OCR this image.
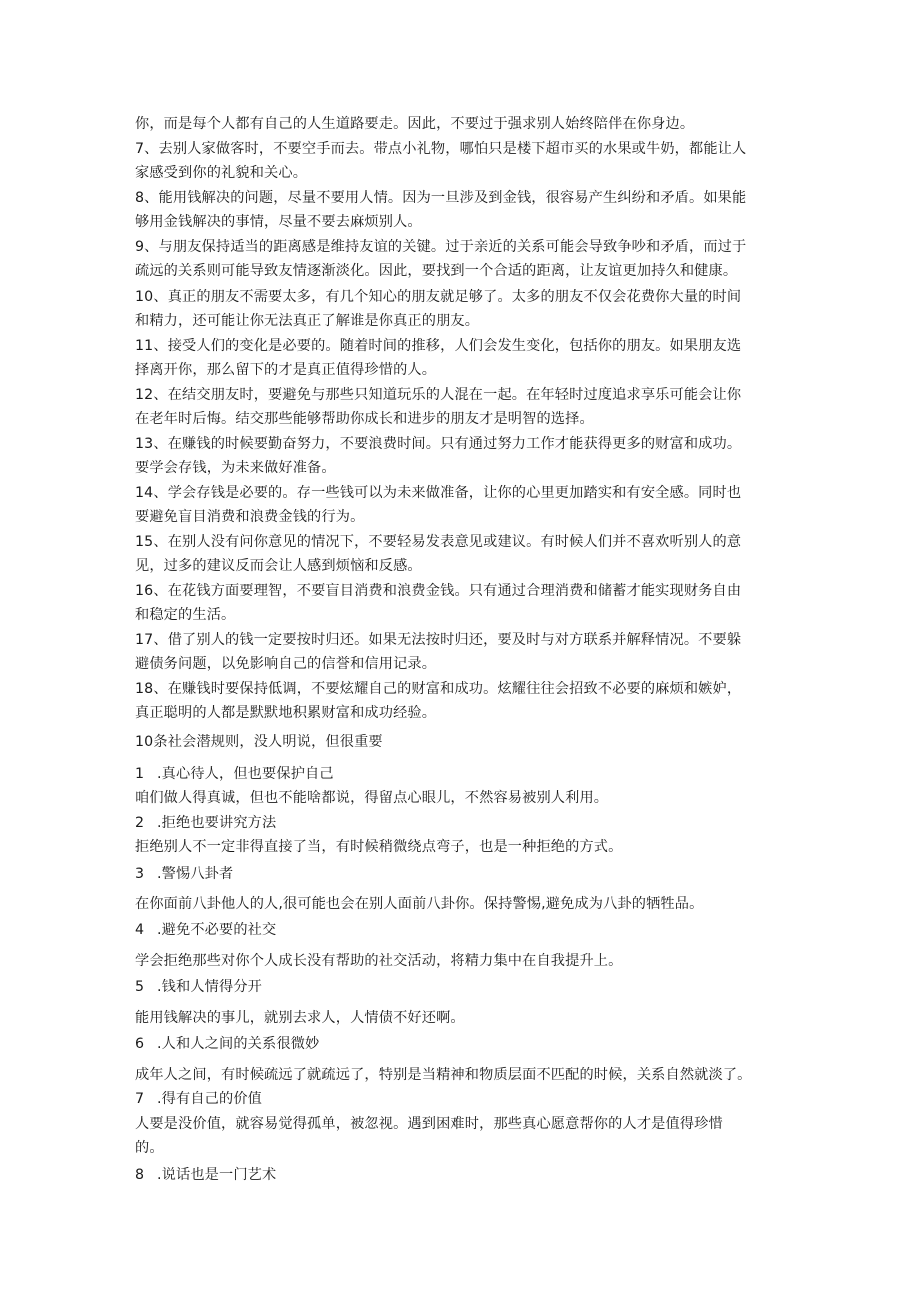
你，而是每个人都有自己的人生道路要走。因此，不要过于强求别人始终陪伴在你身边。
7、去别人家做客时，不要空手而去。带点小礼物，哪怕只是楼下超市买的水果或牛奶，都能让人
家感受到你的礼貌和关心。
8、能用钱解决的问题，尽量不要用人情。因为一旦涉及到金钱，很容易产生纠纷和矛盾。如果能
够用金钱解决的事情，尽量不要去麻烦别人。
9、与朋友保持适当的距离感是维持友谊的关键。过于亲近的关系可能会导致争吵和矛盾，而过于
疏远的关系则可能导致友情逐渐淡化。因此，要找到一个合适的距离，让友谊更加持久和健康。
10、真正的朋友不需要太多，有几个知心的朋友就足够了。太多的朋友不仅会花费你大量的时间
和精力，还可能让你无法真正了解谁是你真正的朋友。
11、接受人们的变化是必要的。随着时间的推移，人们会发生变化，包括你的朋友。如果朋友选
择离开你，那么留下的才是真正值得珍惜的人。
12、在结交朋友时，要避免与那些只知道玩乐的人混在一起。在年轻时过度追求享乐可能会让你
在老年时后悔。结交那些能够帮助你成长和进步的朋友才是明智的选择。
13、在赚钱的时候要勤奋努力，不要浪费时间。只有通过努力工作才能获得更多的财富和成功。
要学会存钱，为未来做好准备。
14、学会存钱是必要的。存一些钱可以为未来做准备，让你的心里更加踏实和有安全感。同时也
要避免盲目消费和浪费金钱的行为。
15、在别人没有问你意见的情况下，不要轻易发表意见或建议。有时候人们并不喜欢听别人的意
见，过多的建议反而会让人感到烦恼和反感。
16、在花钱方面要理智，不要盲目消费和浪费金钱。只有通过合理消费和储蓄才能实现财务自由
和稳定的生活。
17、借了别人的钱一定要按时归还。如果无法按时归还，要及时与对方联系并解释情况。不要躲
避债务问题，以免影响自己的信誉和信用记录。
18、在赚钱时要保持低调，不要炫耀自己的财富和成功。炫耀往往会招致不必要的麻烦和嫉妒，
真正聪明的人都是默默地积累财富和成功经验。
10条社会潜规则，没人明说，但很重要
1 .真心待人，但也要保护自己
咱们做人得真诚，但也不能啥都说，得留点心眼儿，不然容易被别人利用。
2 .拒绝也要讲究方法
拒绝别人不一定非得直接了当，有时候稍微绕点弯子，也是一种拒绝的方式。
3 .警惕八卦者
在你面前八卦他人的人,很可能也会在别人面前八卦你。保持警惕,避免成为八卦的牺牲品。
4 .避免不必要的社交
学会拒绝那些对你个人成长没有帮助的社交活动，将精力集中在自我提升上。
5 .钱和人情得分开
能用钱解决的事儿，就别去求人，人情债不好还啊。
6 .人和人之间的关系很微妙
成年人之间，有时候疏远了就疏远了，特别是当精神和物质层面不匹配的时候，关系自然就淡了。
7 .得有自己的价值
人要是没价值，就容易觉得孤单，被忽视。遇到困难时，那些真心愿意帮你的人才是值得珍惜
的。
8 .说话也是一门艺术
